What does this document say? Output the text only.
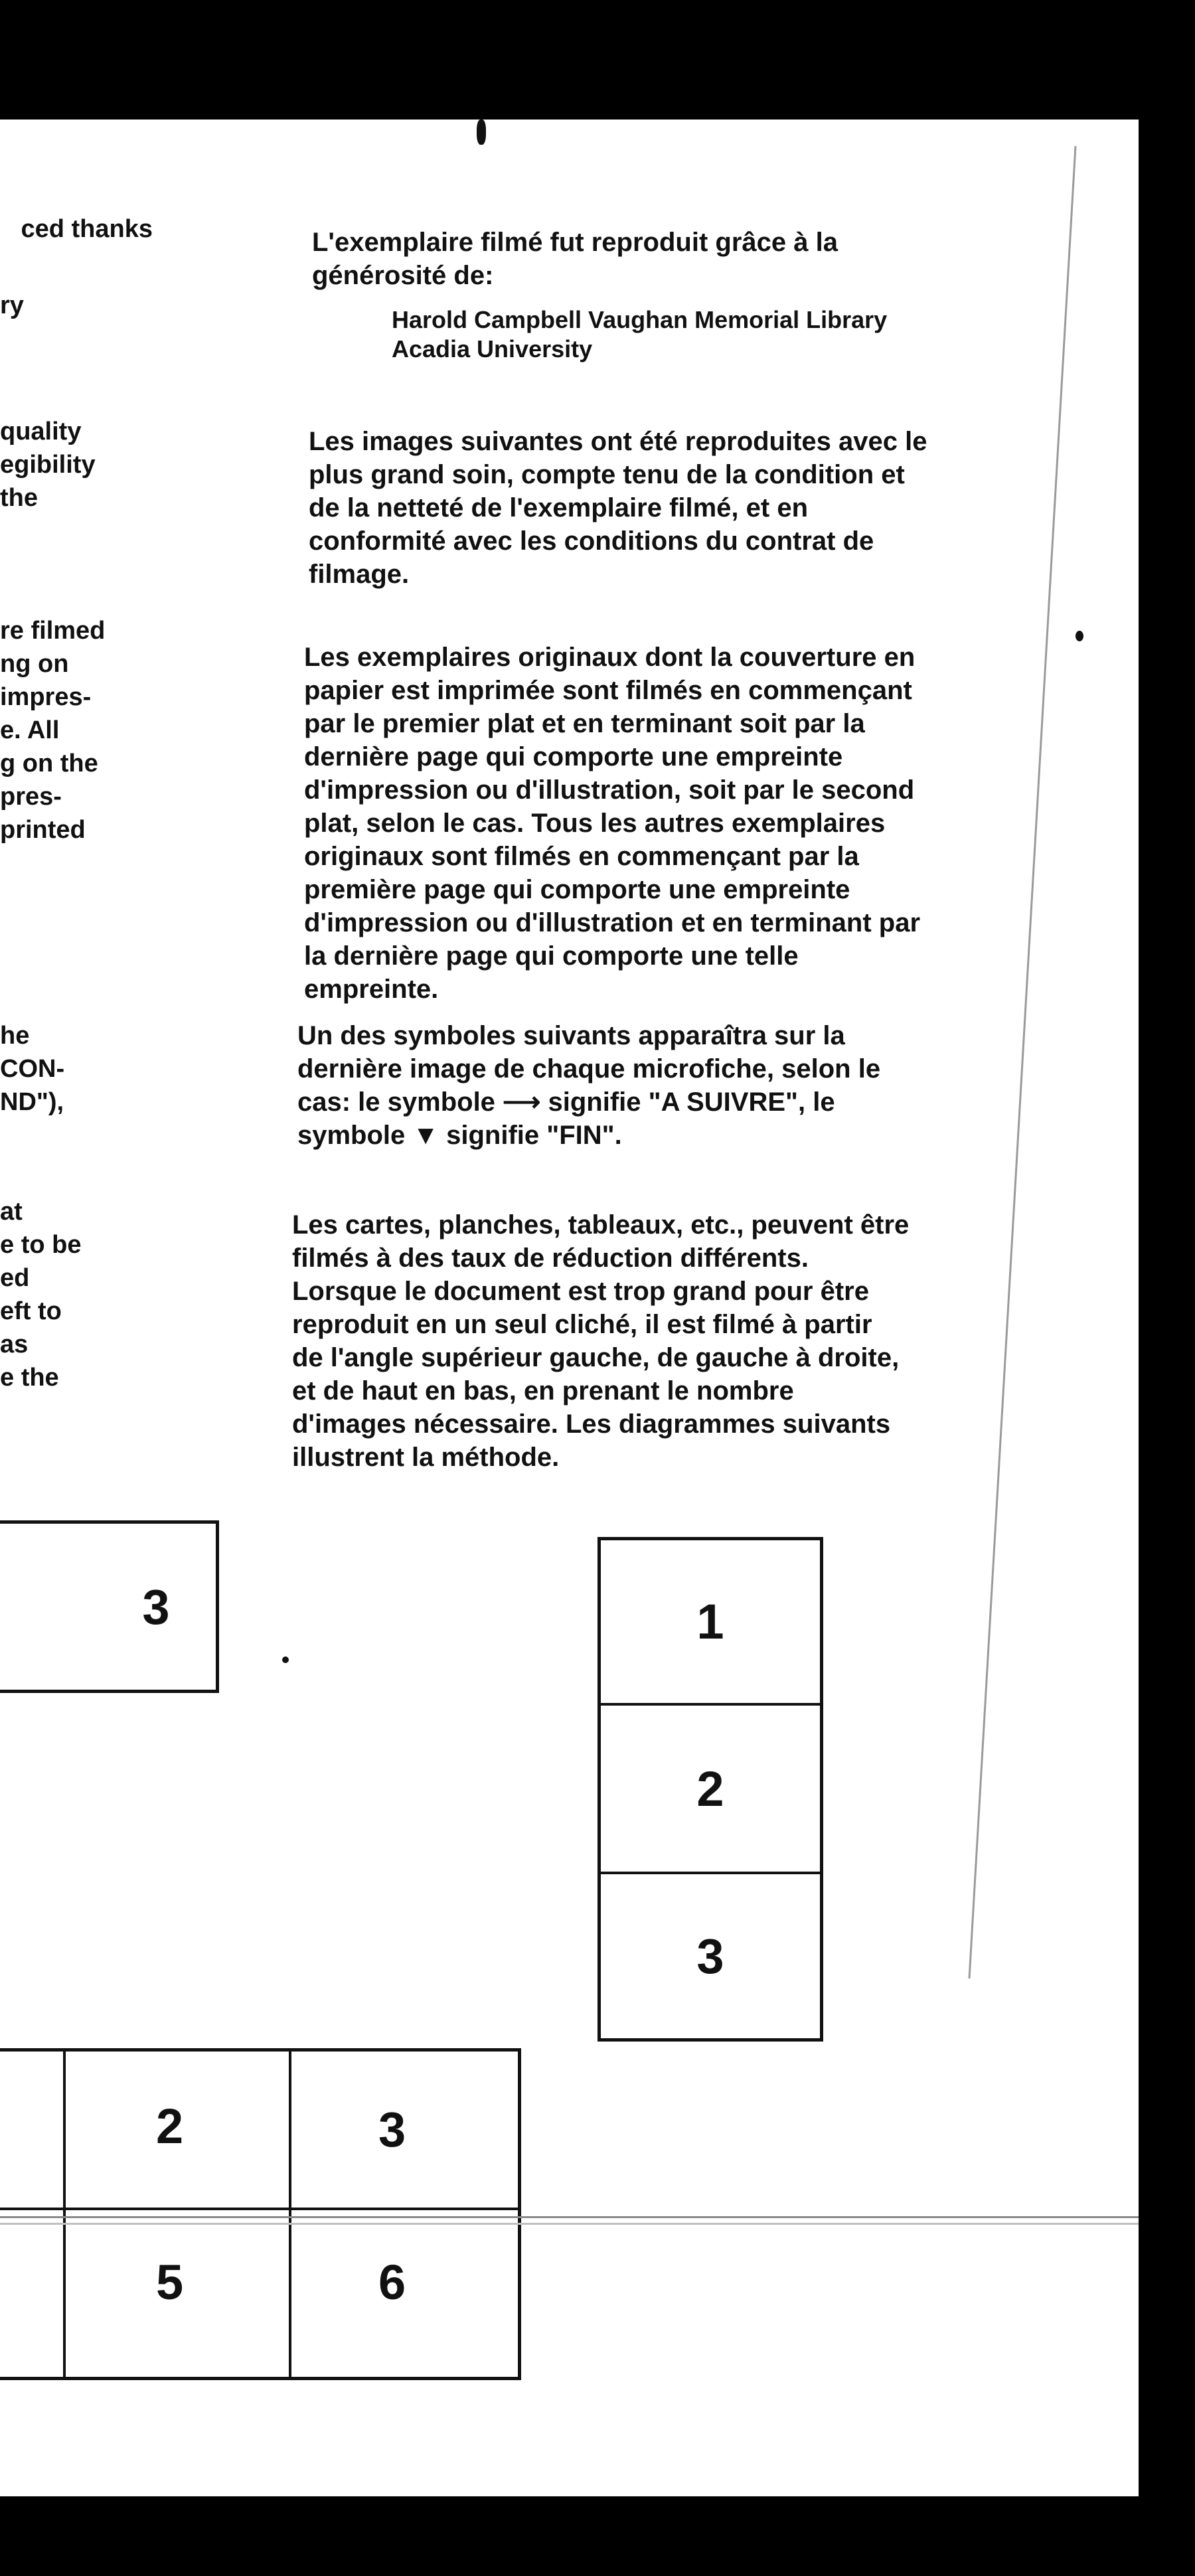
ced thanks
ry
quality
egibility
the
re filmed
ng on
impres-
e. All
g on the
pres-
printed
he
CON-
ND"),
at
e to be
ed
eft to
as
e the
L'exemplaire filmé fut reproduit grâce à la
générosité de:
Harold Campbell Vaughan Memorial Library
Acadia University
Les images suivantes ont été reproduites avec le
plus grand soin, compte tenu de la condition et
de la netteté de l'exemplaire filmé, et en
conformité avec les conditions du contrat de
filmage.
Les exemplaires originaux dont la couverture en
papier est imprimée sont filmés en commençant
par le premier plat et en terminant soit par la
dernière page qui comporte une empreinte
d'impression ou d'illustration, soit par le second
plat, selon le cas. Tous les autres exemplaires
originaux sont filmés en commençant par la
première page qui comporte une empreinte
d'impression ou d'illustration et en terminant par
la dernière page qui comporte une telle
empreinte.
Un des symboles suivants apparaîtra sur la
dernière image de chaque microfiche, selon le
cas: le symbole ⟶ signifie "A SUIVRE", le
symbole ▼ signifie "FIN".
Les cartes, planches, tableaux, etc., peuvent être
filmés à des taux de réduction différents.
Lorsque le document est trop grand pour être
reproduit en un seul cliché, il est filmé à partir
de l'angle supérieur gauche, de gauche à droite,
et de haut en bas, en prenant le nombre
d'images nécessaire. Les diagrammes suivants
illustrent la méthode.
3	1
2
3
2	3
5	6
